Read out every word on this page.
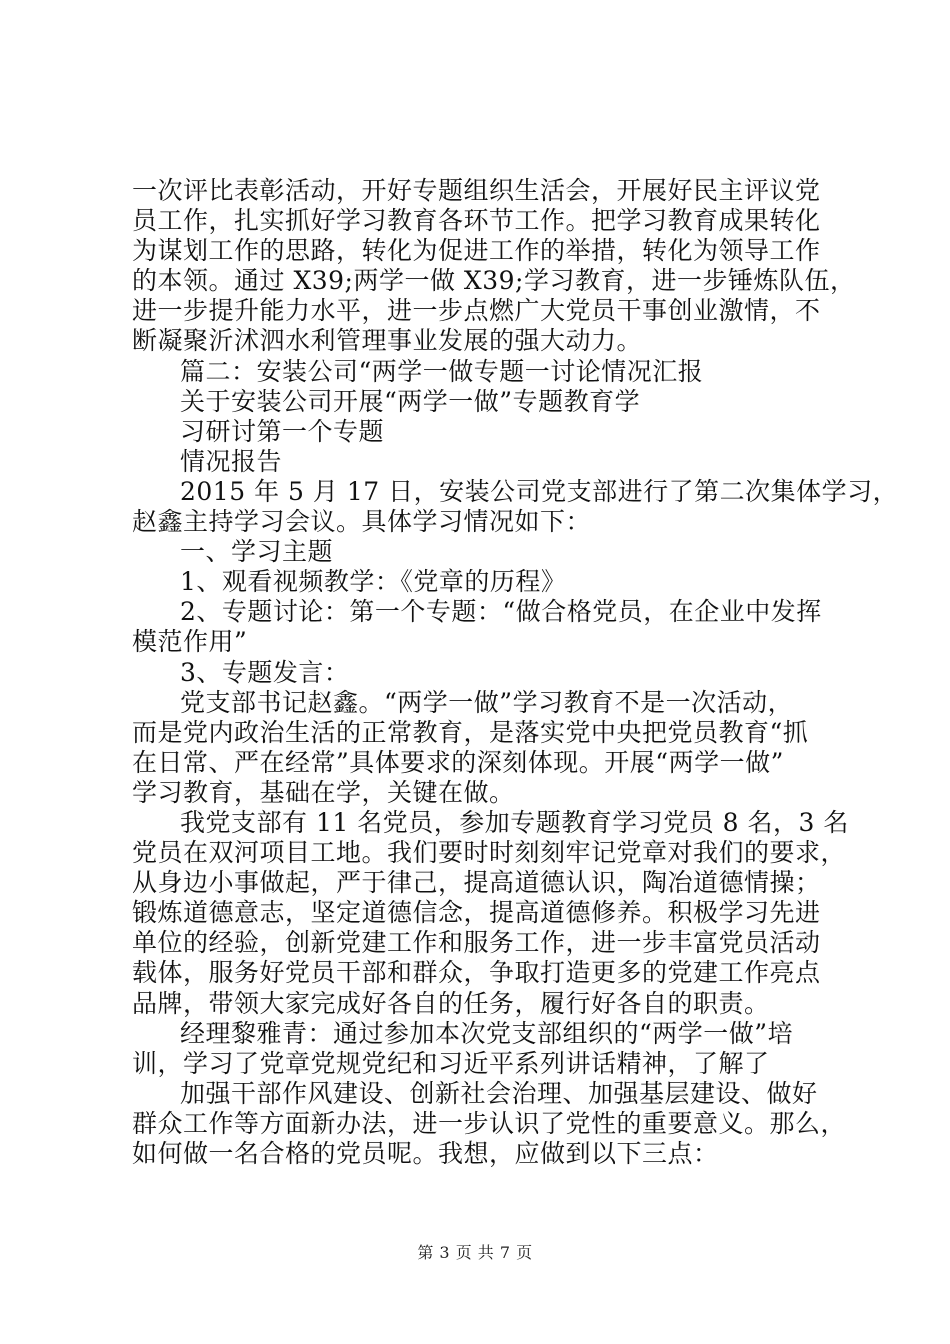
一次评比表彰活动，开好专题组织生活会，开展好民主评议党
员工作，扎实抓好学习教育各环节工作。把学习教育成果转化
为谋划工作的思路，转化为促进工作的举措，转化为领导工作
的本领。通过 X39;两学一做 X39;学习教育，进一步锤炼队伍，
进一步提升能力水平，进一步点燃广大党员干事创业激情，不
断凝聚沂沭泗水利管理事业发展的强大动力。
篇二：安装公司“两学一做专题一讨论情况汇报
关于安装公司开展“两学一做”专题教育学
习研讨第一个专题
情况报告
2015 年 5 月 17 日，安装公司党支部进行了第二次集体学习，
赵鑫主持学习会议。具体学习情况如下：
一、学习主题
1、观看视频教学：《党章的历程》
2、专题讨论：第一个专题：“做合格党员，在企业中发挥
模范作用”
3、专题发言：
党支部书记赵鑫。“两学一做”学习教育不是一次活动，
而是党内政治生活的正常教育，是落实党中央把党员教育“抓
在日常、严在经常”具体要求的深刻体现。开展“两学一做”
学习教育，基础在学，关键在做。
我党支部有 11 名党员，参加专题教育学习党员 8 名，3 名
党员在双河项目工地。我们要时时刻刻牢记党章对我们的要求，
从身边小事做起，严于律己，提高道德认识，陶冶道德情操；
锻炼道德意志，坚定道德信念，提高道德修养。积极学习先进
单位的经验，创新党建工作和服务工作，进一步丰富党员活动
载体，服务好党员干部和群众，争取打造更多的党建工作亮点
品牌，带领大家完成好各自的任务，履行好各自的职责。
经理黎雅青：通过参加本次党支部组织的“两学一做”培
训，学习了党章党规党纪和习近平系列讲话精神，了解了
加强干部作风建设、创新社会治理、加强基层建设、做好
群众工作等方面新办法，进一步认识了党性的重要意义。那么，
如何做一名合格的党员呢。我想，应做到以下三点：
第 3 页 共 7 页
